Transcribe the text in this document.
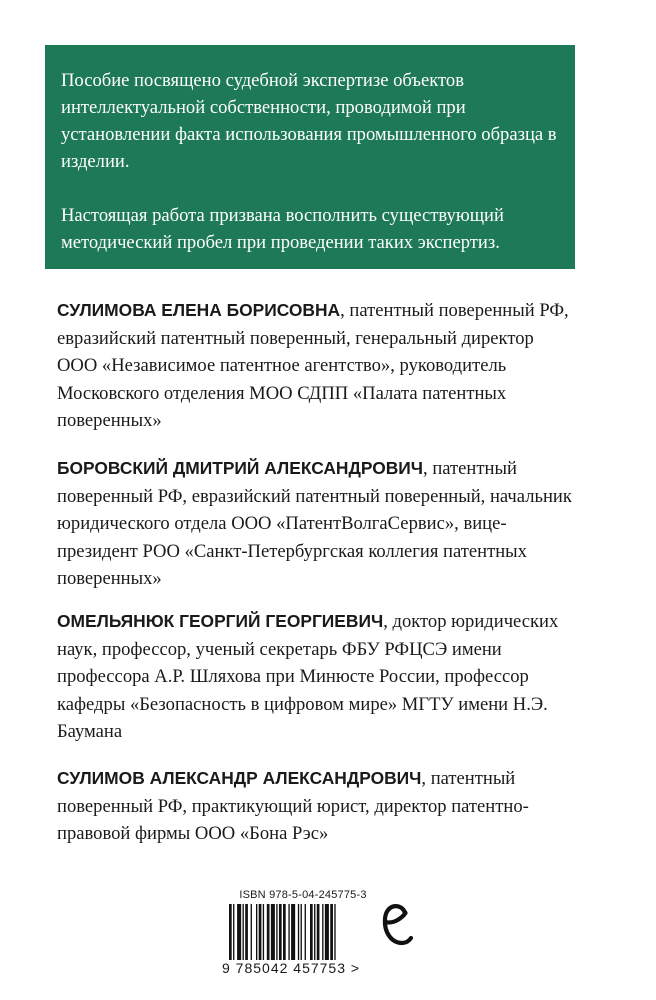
Пособие посвящено судебной экспертизе объектов интеллектуальной собственности, проводимой при установлении факта использования промышленного образца в изделии.

Настоящая работа призвана восполнить существующий методический пробел при проведении таких экспертиз.

СУЛИМОВА ЕЛЕНА БОРИСОВНА, патентный поверенный РФ, евразийский патентный поверенный, генеральный директор ООО «Независимое патентное агентство», руководитель Московского отделения МОО СДПП «Палата патентных поверенных»
БОРОВСКИЙ ДМИТРИЙ АЛЕКСАНДРОВИЧ, патентный поверенный РФ, евразийский патентный поверенный, начальник юридического отдела ООО «ПатентВолгаСервис», вице-президент РОО «Санкт-Петербургская коллегия патентных поверенных»
ОМЕЛЬЯНЮК ГЕОРГИЙ ГЕОРГИЕВИЧ, доктор юридических наук, профессор, ученый секретарь ФБУ РФЦСЭ имени профессора А.Р. Шляхова при Минюсте России, профессор кафедры «Безопасность в цифровом мире» МГТУ имени Н.Э. Баумана
СУЛИМОВ АЛЕКСАНДР АЛЕКСАНДРОВИЧ, патентный поверенный РФ, практикующий юрист, директор патентно-правовой фирмы ООО «Бона Рэс»
ISBN 978-5-04-245775-3
9 785042 457753 >
